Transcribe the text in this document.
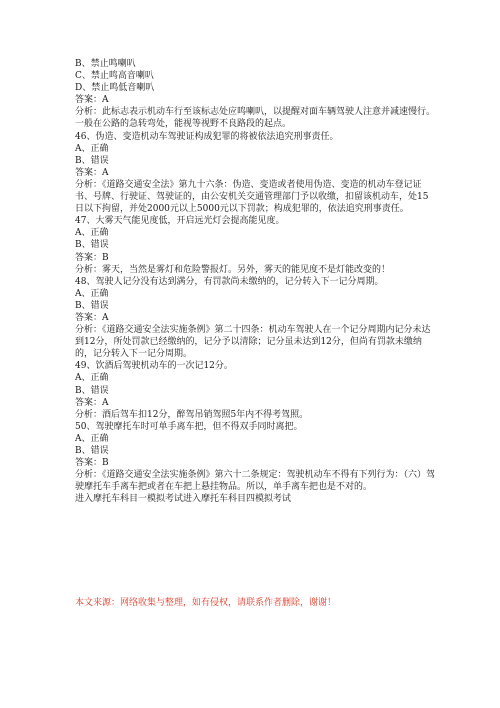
B、禁止鸣喇叭
C、禁止鸣高音喇叭
D、禁止鸣低音喇叭
答案：A
分析：此标志表示机动车行至该标志处应鸣喇叭，以提醒对面车辆驾驶人注意并减速慢行。一般在公路的急转弯处，能视等视野不良路段的起点。
46、伪造、变造机动车驾驶证构成犯罪的将被依法追究刑事责任。
A、正确
B、错误
答案：A
分析：《道路交通安全法》第九十六条：伪造、变造或者使用伪造、变造的机动车登记证书、号牌、行驶证、驾驶证的，由公安机关交通管理部门予以收缴，扣留该机动车，处15日以下拘留，并处2000元以上5000元以下罚款；构成犯罪的，依法追究刑事责任。
47、大雾天气能见度低，开启远光灯会提高能见度。
A、正确
B、错误
答案：B
分析：雾天，当然是雾灯和危险警报灯。另外，雾天的能见度不是灯能改变的！
48、驾驶人记分没有达到满分，有罚款尚未缴纳的，记分转入下一记分周期。
A、正确
B、错误
答案：A
分析：《道路交通安全法实施条例》第二十四条：机动车驾驶人在一个记分周期内记分未达到12分，所处罚款已经缴纳的，记分予以清除；记分虽未达到12分，但尚有罚款未缴纳的，记分转入下一记分周期。
49、饮酒后驾驶机动车的一次记12分。
A、正确
B、错误
答案：A
分析：酒后驾车扣12分，醉驾吊销驾照5年内不得考驾照。
50、驾驶摩托车时可单手离车把，但不得双手同时离把。
A、正确
B、错误
答案：B
分析：《道路交通安全法实施条例》第六十二条规定：驾驶机动车不得有下列行为：（六）驾驶摩托车手离车把或者在车把上悬挂物品。所以，单手离车把也是不对的。
进入摩托车科目一模拟考试进入摩托车科目四模拟考试
本文来源：网络收集与整理，如有侵权，请联系作者删除，谢谢！
